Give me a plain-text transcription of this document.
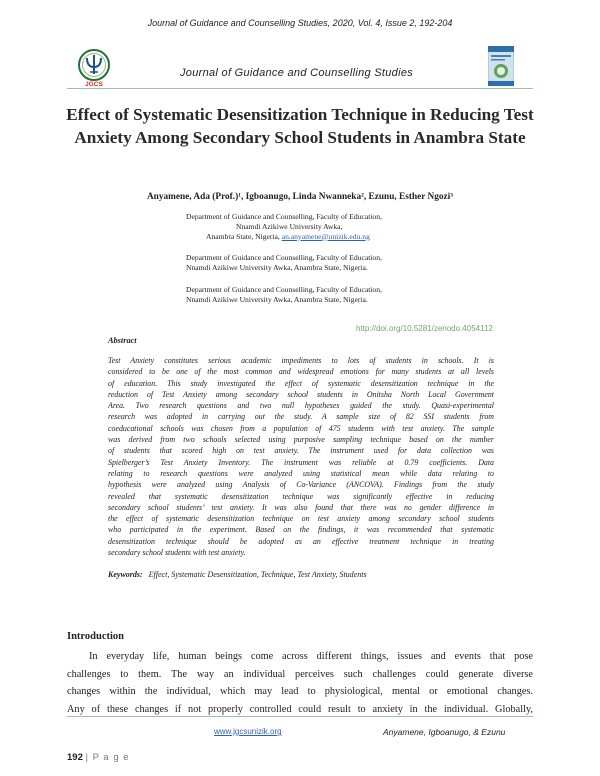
Journal of Guidance and Counselling Studies, 2020, Vol. 4, Issue 2, 192-204
JGCS
Journal of Guidance and Counselling Studies
Effect of Systematic Desensitization Technique in Reducing Test Anxiety Among Secondary School Students in Anambra State
Anyamene, Ada (Prof.)¹, Igboanugo, Linda Nwanneka², Ezunu, Esther Ngozi³
Department of Guidance and Counselling, Faculty of Education,
Nnamdi Azikiwe University Awka,
Anambra State, Nigeria, an.anyamene@unizik.edu.ng
Department of Guidance and Counselling, Faculty of Education,
Nnamdi Azikiwe University Awka, Anambra State, Nigeria.
Department of Guidance and Counselling, Faculty of Education,
Nnamdi Azikiwe University Awka, Anambra State, Nigeria.
http://doi.org/10.5281/zenodo.4054112
Abstract
Test Anxiety constitutes serious academic impediments to lots of students in schools. It is
considered to be one of the most common and widespread emotions for many students at all levels
of education. This study investigated the effect of systematic desensitization technique in the
reduction of Test Anxiety among secondary school students in Onitsha North Local Government
Area. Two research questions and two null hypotheses guided the study. Quasi-experimental
research was adopted in carrying out the study. A sample size of 82 SSI students from
coeducational schools was chosen from a population of 475 students with test anxiety. The sample
was derived from two schools selected using purposive sampling technique based on the number
of students that scored high on test anxiety. The instrument used for data collection was
Spielberger’s Test Anxiety Inventory. The instrument was reliable at 0.79 coefficients. Data
relating to research questions were analyzed using statistical mean while data relating to
hypothesis were analyzed using Analysis of Co-Variance (ANCOVA). Findings from the study
revealed that systematic desensitization technique was significantly effective in reducing
secondary school students’ test anxiety. It was also found that there was no gender difference in
the effect of systematic desensitization technique on test anxiety among secondary school students
who participated in the experiment. Based on the findings, it was recommended that systematic
desensitization technique should be adopted as an effective treatment technique in treating
secondary school students with test anxiety.
Keywords: Effect, Systematic Desensitization, Technique, Test Anxiety, Students
Introduction
In everyday life, human beings come across different things, issues and events that pose
challenges to them. The way an individual perceives such challenges could generate diverse
changes within the individual, which may lead to physiological, mental or emotional changes.
Any of these changes if not properly controlled could result to anxiety in the individual. Globally,
www.jgcsunizik.org	Anyamene, Igboanugo, & Ezunu
192 | P a g e
